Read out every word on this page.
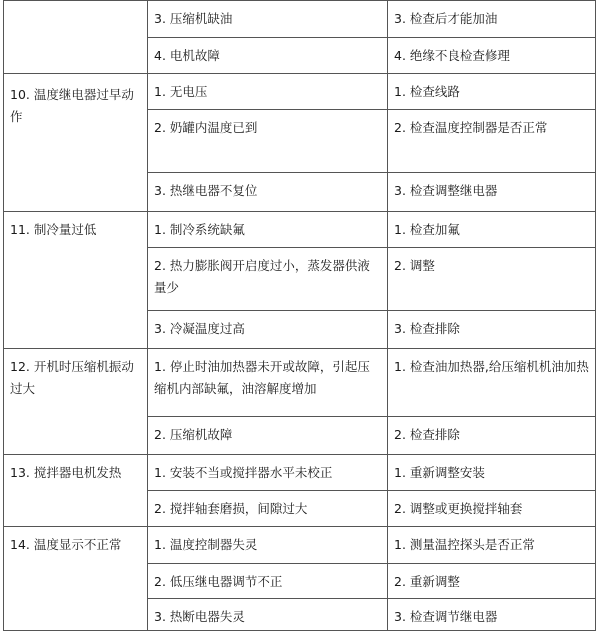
	3. 压缩机缺油	3. 检查后才能加油
	4. 电机故障	4. 绝缘不良检查修理
10. 温度继电器过早动作	1. 无电压	1. 检查线路
	2. 奶罐内温度已到	2. 检查温度控制器是否正常
	3. 热继电器不复位	3. 检查调整继电器
11. 制冷量过低	1. 制冷系统缺氟	1. 检查加氟
	2. 热力膨胀阀开启度过小，蒸发器供液量少	2. 调整
	3. 冷凝温度过高	3. 检查排除
12. 开机时压缩机振动过大	1. 停止时油加热器未开或故障，引起压缩机内部缺氟，油溶解度增加	1. 检查油加热器,给压缩机机油加热
	2. 压缩机故障	2. 检查排除
13. 搅拌器电机发热	1. 安装不当或搅拌器水平未校正	1. 重新调整安装
	2. 搅拌轴套磨损，间隙过大	2. 调整或更换搅拌轴套
14. 温度显示不正常	1. 温度控制器失灵	1. 测量温控探头是否正常
	2. 低压继电器调节不正	2. 重新调整
	3. 热断电器失灵	3. 检查调节继电器
